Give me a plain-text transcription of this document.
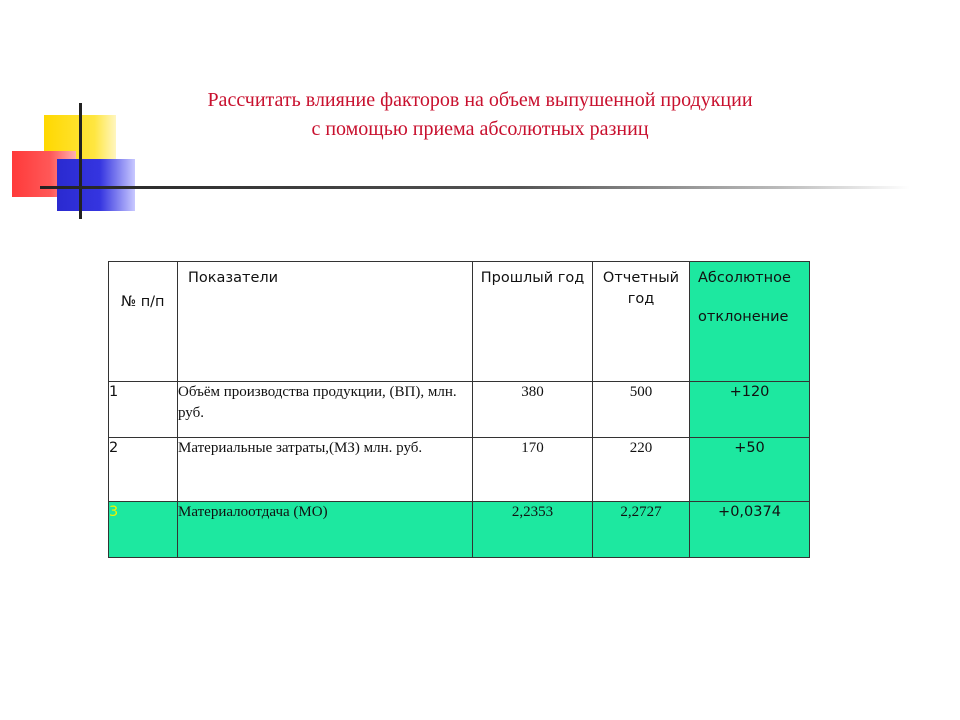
Рассчитать влияние факторов на объем выпушенной продукции
с помощью приема абсолютных разниц
№ п/п	Показатели	Прошлый год	Отчетный год	Абсолютное
отклонение
1	Объём производства продукции, (ВП), млн. руб.	380	500	+120
2	Материальные затраты,(МЗ) млн. руб.	170	220	+50
3	Материалоотдача (МО)	2,2353	2,2727	+0,0374
